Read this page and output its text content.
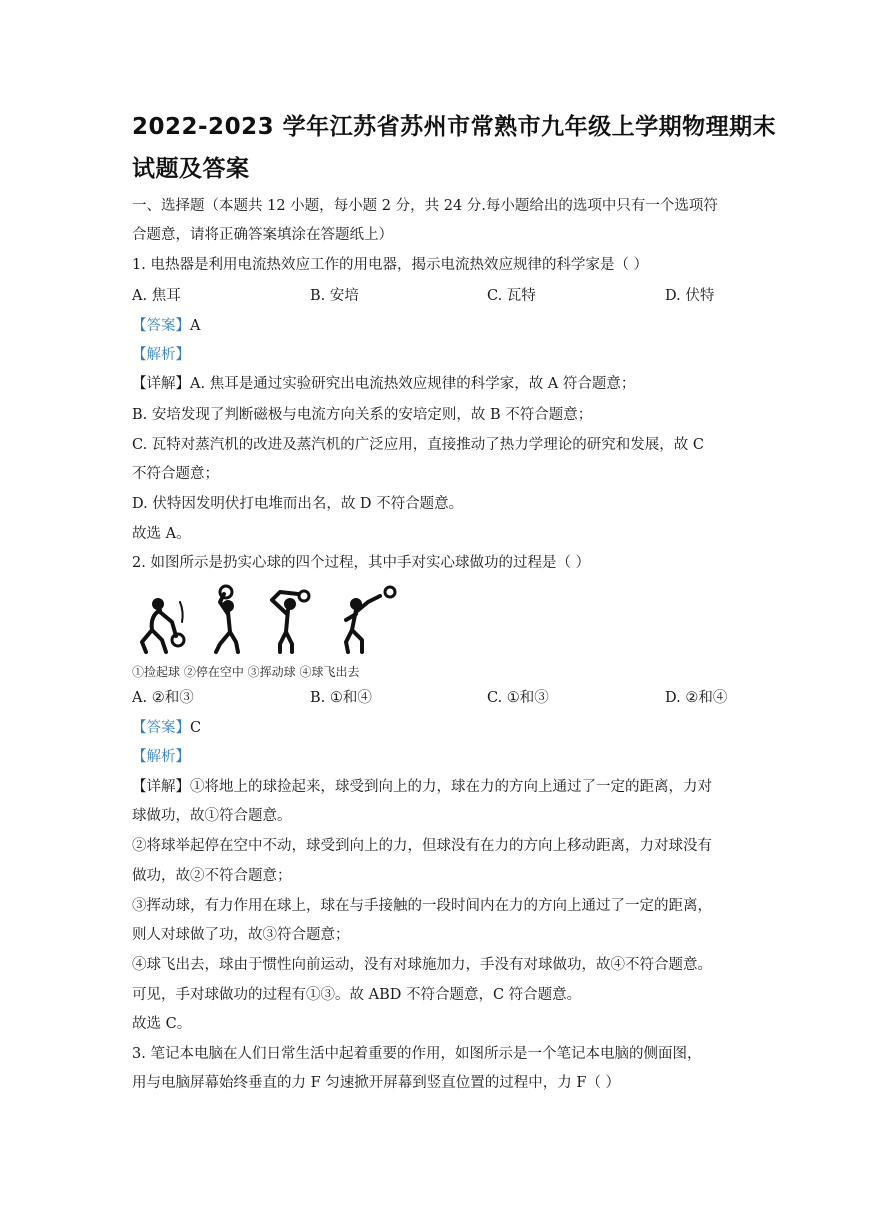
2022-2023 学年江苏省苏州市常熟市九年级上学期物理期末
试题及答案
一、选择题（本题共 12 小题，每小题 2 分，共 24 分.每小题给出的选项中只有一个选项符
合题意，请将正确答案填涂在答题纸上）
1. 电热器是利用电流热效应工作的用电器，揭示电流热效应规律的科学家是（ ）
A. 焦耳	B. 安培	C. 瓦特	D. 伏特
【答案】A
【解析】
【详解】A. 焦耳是通过实验研究出电流热效应规律的科学家，故 A 符合题意；
B. 安培发现了判断磁极与电流方向关系的安培定则，故 B 不符合题意；
C. 瓦特对蒸汽机的改进及蒸汽机的广泛应用，直接推动了热力学理论的研究和发展，故 C
不符合题意；
D. 伏特因发明伏打电堆而出名，故 D 不符合题意。
故选 A。
2. 如图所示是扔实心球的四个过程，其中手对实心球做功的过程是（ ）
①捡起球 ②停在空中 ③挥动球 ④球飞出去
A. ②和③	B. ①和④	C. ①和③	D. ②和④
【答案】C
【解析】
【详解】①将地上的球捡起来，球受到向上的力，球在力的方向上通过了一定的距离，力对
球做功，故①符合题意。
②将球举起停在空中不动，球受到向上的力，但球没有在力的方向上移动距离，力对球没有
做功，故②不符合题意；
③挥动球，有力作用在球上，球在与手接触的一段时间内在力的方向上通过了一定的距离，
则人对球做了功，故③符合题意；
④球飞出去，球由于惯性向前运动，没有对球施加力，手没有对球做功，故④不符合题意。
可见，手对球做功的过程有①③。故 ABD 不符合题意，C 符合题意。
故选 C。
3. 笔记本电脑在人们日常生活中起着重要的作用，如图所示是一个笔记本电脑的侧面图，
用与电脑屏幕始终垂直的力 F 匀速掀开屏幕到竖直位置的过程中，力 F（ ）
